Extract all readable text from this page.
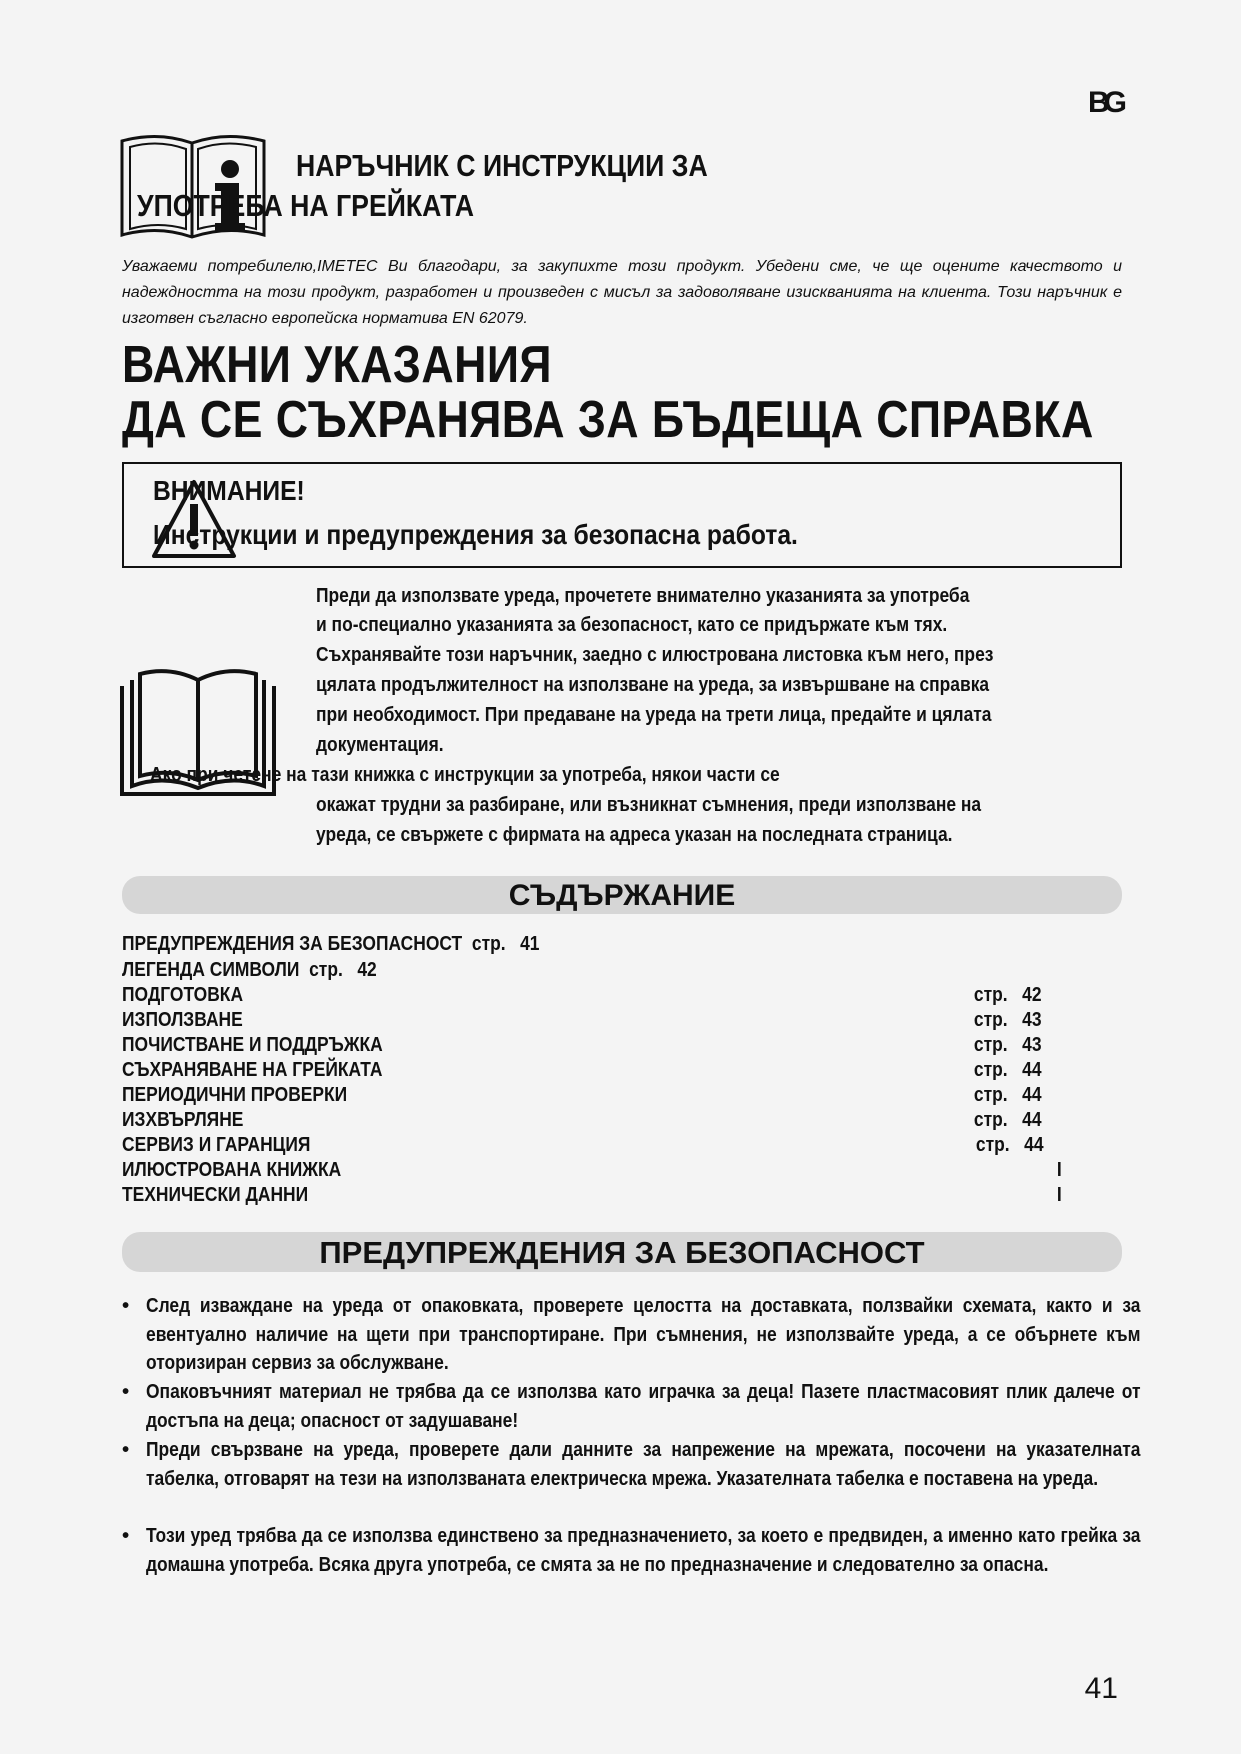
BG
НАРЪЧНИК С ИНСТРУКЦИИ ЗА
УПОТРЕБА НА ГРЕЙКАТА
Уважаеми потребилелю,IMETEC Ви благодари, за закупихте този продукт. Убедени сме, че ще оцените качеството и надеждността на този продукт, разработен и произведен с мисъл за задоволяване изискванията на клиента. Този наръчник е изготвен съгласно европейска норматива EN 62079.
ВАЖНИ УКАЗАНИЯ
ДА СЕ СЪХРАНЯВА ЗА БЪДЕЩА СПРАВКА
ВНИМАНИЕ!
Инструкции и предупреждения за безопасна работа.
Преди да използвате уреда, прочетете внимателно указанията за употреба
и по-специално указанията за безопасност, като се придържате към тях.
Съхранявайте този наръчник, заедно с илюстрована листовка към него, през
цялата продължителност на използване на уреда, за извършване на справка
при необходимост. При предаване на уреда на трети лица, предайте и цялата
документация.
Ако при четене на тази книжка с инструкции за употреба, някои части се
окажат трудни за разбиране, или възникнат съмнения, преди използване на
уреда, се свържете с фирмата на адреса указан на последната страница.
СЪДЪРЖАНИЕ
ПРЕДУПРЕЖДЕНИЯ ЗА БЕЗОПАСНОСТ стр.   41
ЛЕГЕНДА СИМВОЛИ стр.   42
ПОДГОТОВКА	стр.   42
ИЗПОЛЗВАНЕ	стр.   43
ПОЧИСТВАНЕ И ПОДДРЪЖКА	стр.   43
СЪХРАНЯВАНЕ НА ГРЕЙКАТА	стр.   44
ПЕРИОДИЧНИ ПРОВЕРКИ	стр.   44
ИЗХВЪРЛЯНЕ	стр.   44
СЕРВИЗ И ГАРАНЦИЯ	стр.   44
ИЛЮСТРОВАНА КНИЖКА	I
ТЕХНИЧЕСКИ ДАННИ	I
ПРЕДУПРЕЖДЕНИЯ ЗА БЕЗОПАСНОСТ
• След изваждане на уреда от опаковката, проверете целостта на доставката, ползвайки схемата, както и за евентуално наличие на щети при транспортиране. При съмнения, не използвайте уреда, а се обърнете към оторизиран сервиз за обслужване.
• Опаковъчният материал не трябва да се използва като играчка за деца! Пазете пластмасовият плик далече от достъпа на деца; опасност от задушаване!
• Преди свързване на уреда, проверете дали данните за напрежение на мрежата, посочени на указателната табелка, отговарят на тези на използваната електрическа мрежа. Указателната табелка е поставена на уреда.
• Този уред трябва да се използва единствено за предназначението, за което е предвиден, а именно като грейка за домашна употреба. Всяка друга употреба, се смята за не по предназначение и следователно за опасна.
41
